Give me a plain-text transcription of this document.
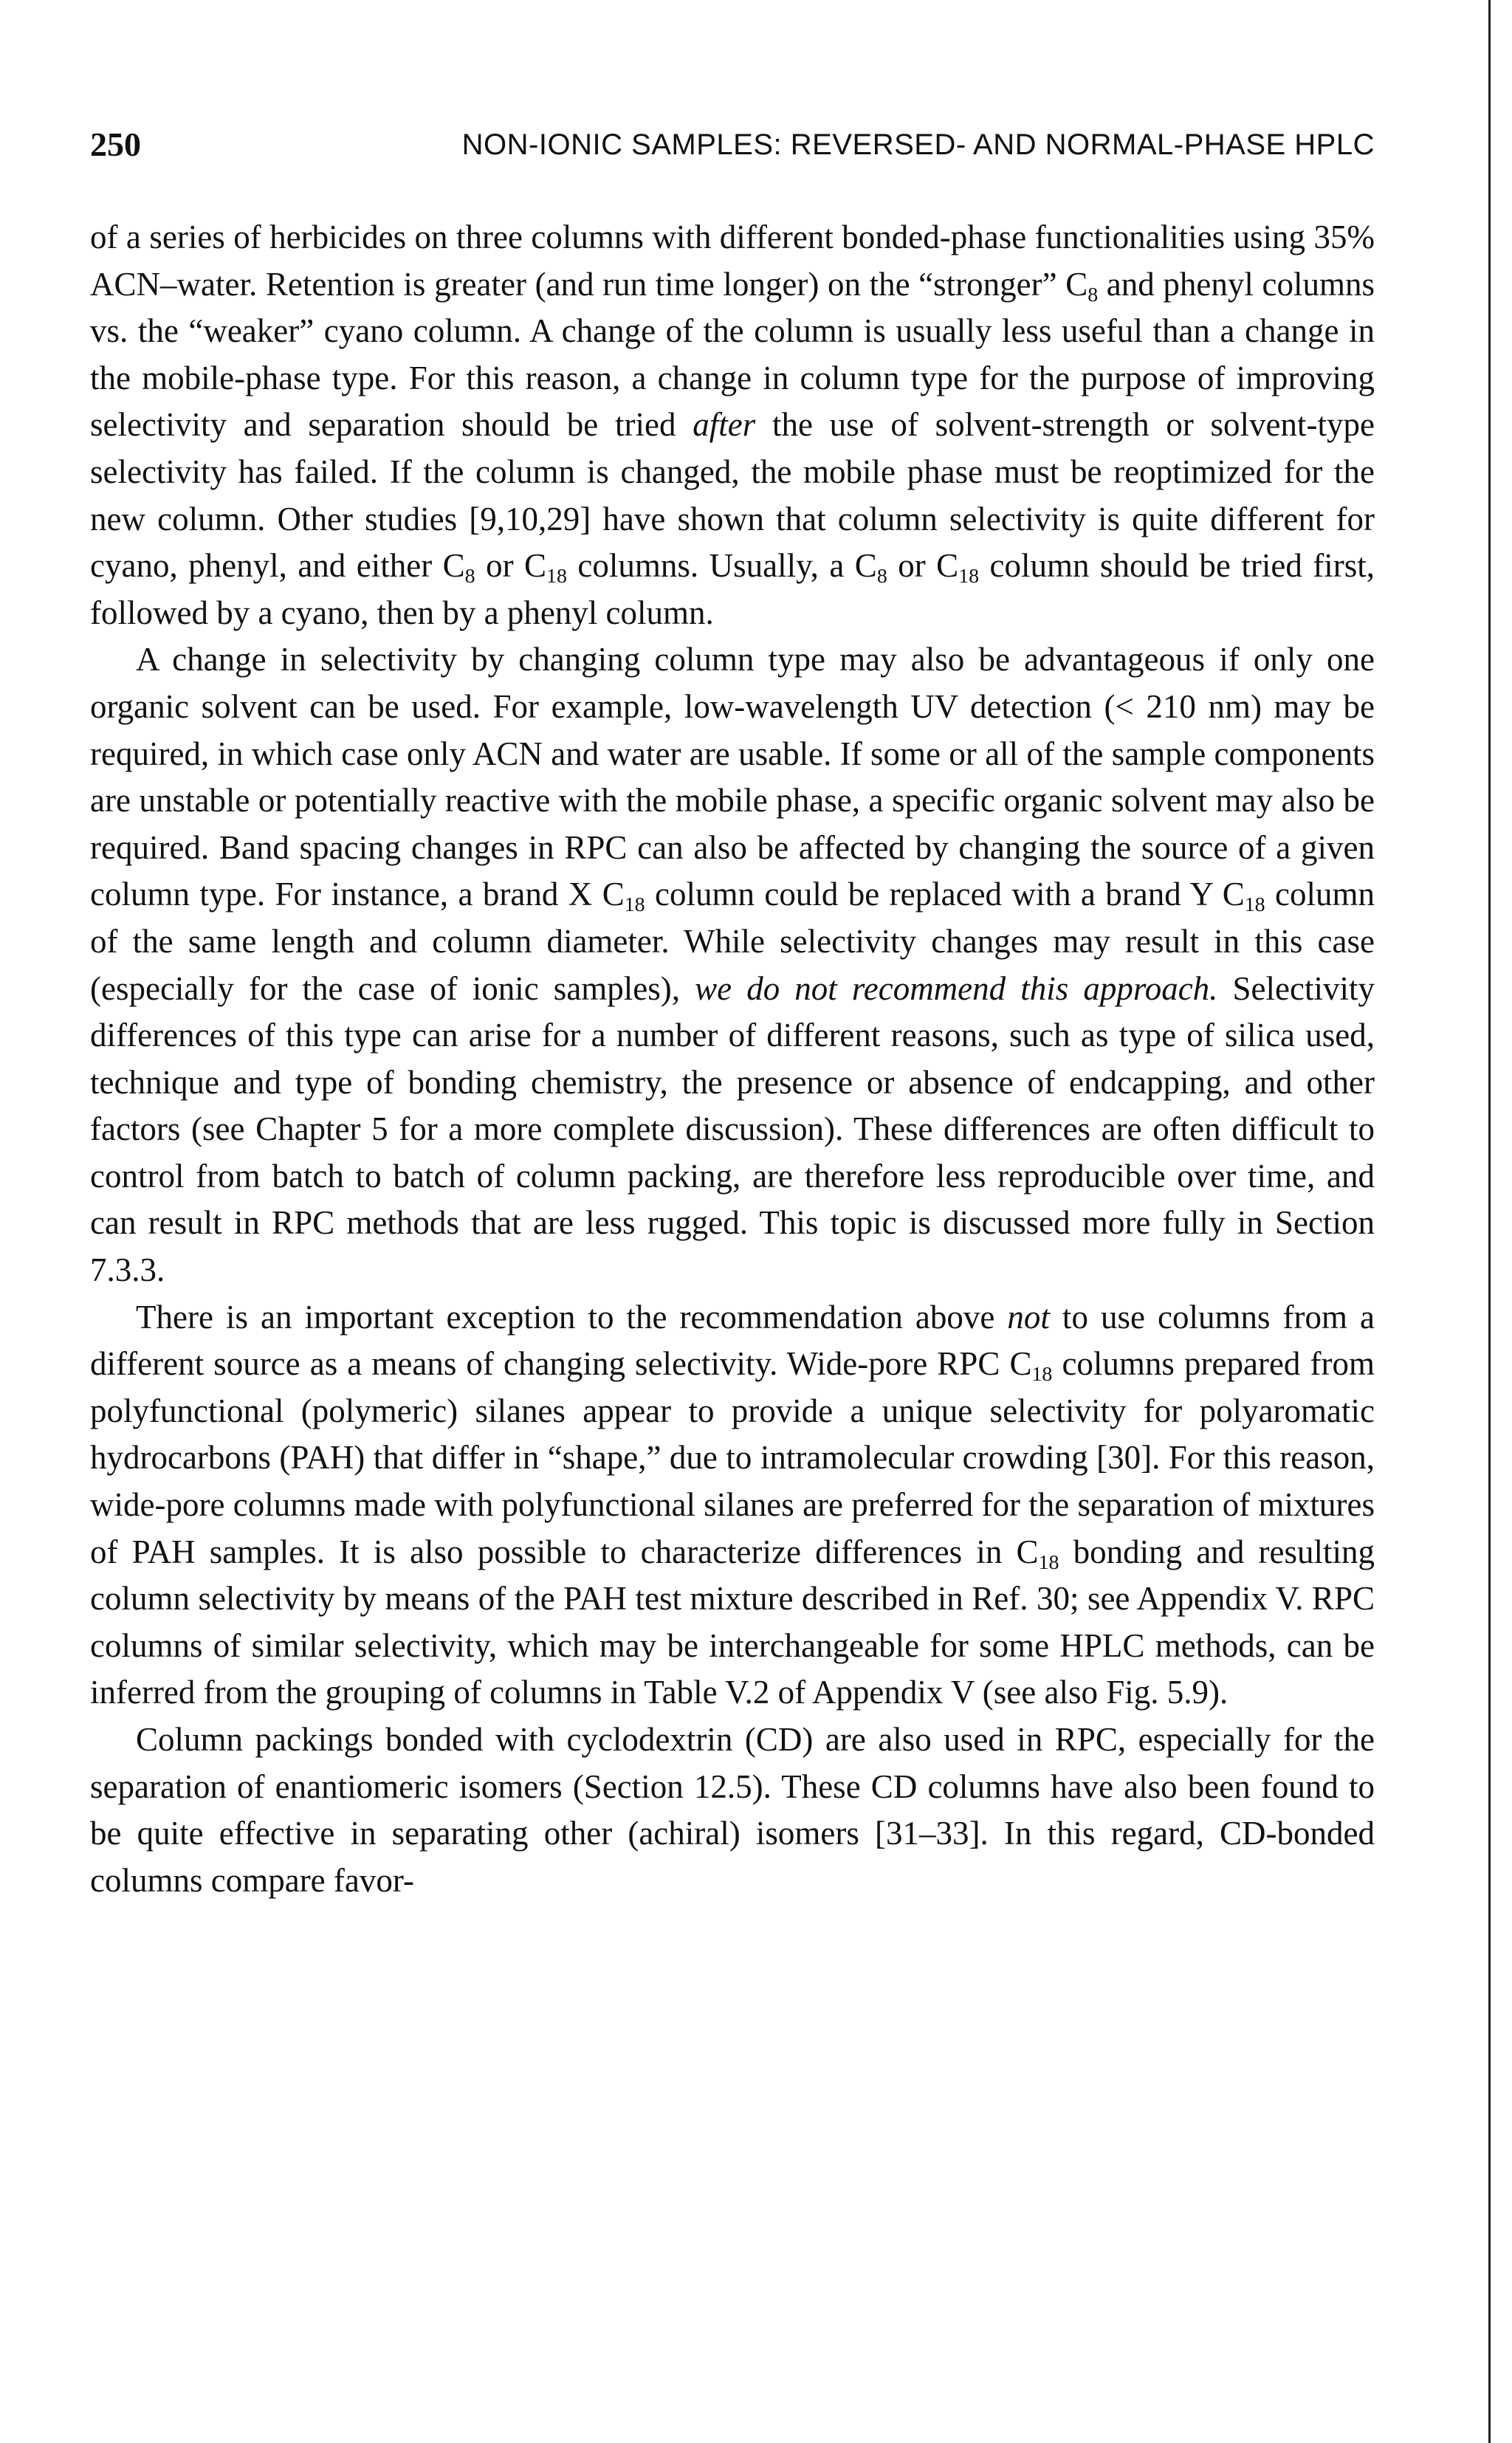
250	NON-IONIC SAMPLES: REVERSED- AND NORMAL-PHASE HPLC

of a series of herbicides on three columns with different bonded-phase functionalities using 35% ACN–water. Retention is greater (and run time longer) on the “stronger” $C_8$ and phenyl columns vs. the “weaker” cyano column. A change of the column is usually less useful than a change in the mobile-phase type. For this reason, a change in column type for the purpose of improving selectivity and separation should be tried after the use of solvent-strength or solvent-type selectivity has failed. If the column is changed, the mobile phase must be reoptimized for the new column. Other studies [9,10,29] have shown that column selectivity is quite different for cyano, phenyl, and either $C_8$ or $C_{18}$ columns. Usually, a $C_8$ or $C_{18}$ column should be tried first, followed by a cyano, then by a phenyl column.

A change in selectivity by changing column type may also be advantageous if only one organic solvent can be used. For example, low-wavelength UV detection (< 210 nm) may be required, in which case only ACN and water are usable. If some or all of the sample components are unstable or potentially reactive with the mobile phase, a specific organic solvent may also be required. Band spacing changes in RPC can also be affected by changing the source of a given column type. For instance, a brand X $C_{18}$ column could be replaced with a brand Y $C_{18}$ column of the same length and column diameter. While selectivity changes may result in this case (especially for the case of ionic samples), we do not recommend this approach. Selectivity differences of this type can arise for a number of different reasons, such as type of silica used, technique and type of bonding chemistry, the presence or absence of endcapping, and other factors (see Chapter 5 for a more complete discussion). These differences are often difficult to control from batch to batch of column packing, are therefore less reproducible over time, and can result in RPC methods that are less rugged. This topic is discussed more fully in Section 7.3.3.

There is an important exception to the recommendation above not to use columns from a different source as a means of changing selectivity. Wide-pore RPC $C_{18}$ columns prepared from polyfunctional (polymeric) silanes appear to provide a unique selectivity for polyaromatic hydrocarbons (PAH) that differ in “shape,” due to intramolecular crowding [30]. For this reason, wide-pore columns made with polyfunctional silanes are preferred for the separation of mixtures of PAH samples. It is also possible to characterize differences in $C_{18}$ bonding and resulting column selectivity by means of the PAH test mixture described in Ref. 30; see Appendix V. RPC columns of similar selectivity, which may be interchangeable for some HPLC methods, can be inferred from the grouping of columns in Table V.2 of Appendix V (see also Fig. 5.9).

Column packings bonded with cyclodextrin (CD) are also used in RPC, especially for the separation of enantiomeric isomers (Section 12.5). These CD columns have also been found to be quite effective in separating other (achiral) isomers [31–33]. In this regard, CD-bonded columns compare favor-
